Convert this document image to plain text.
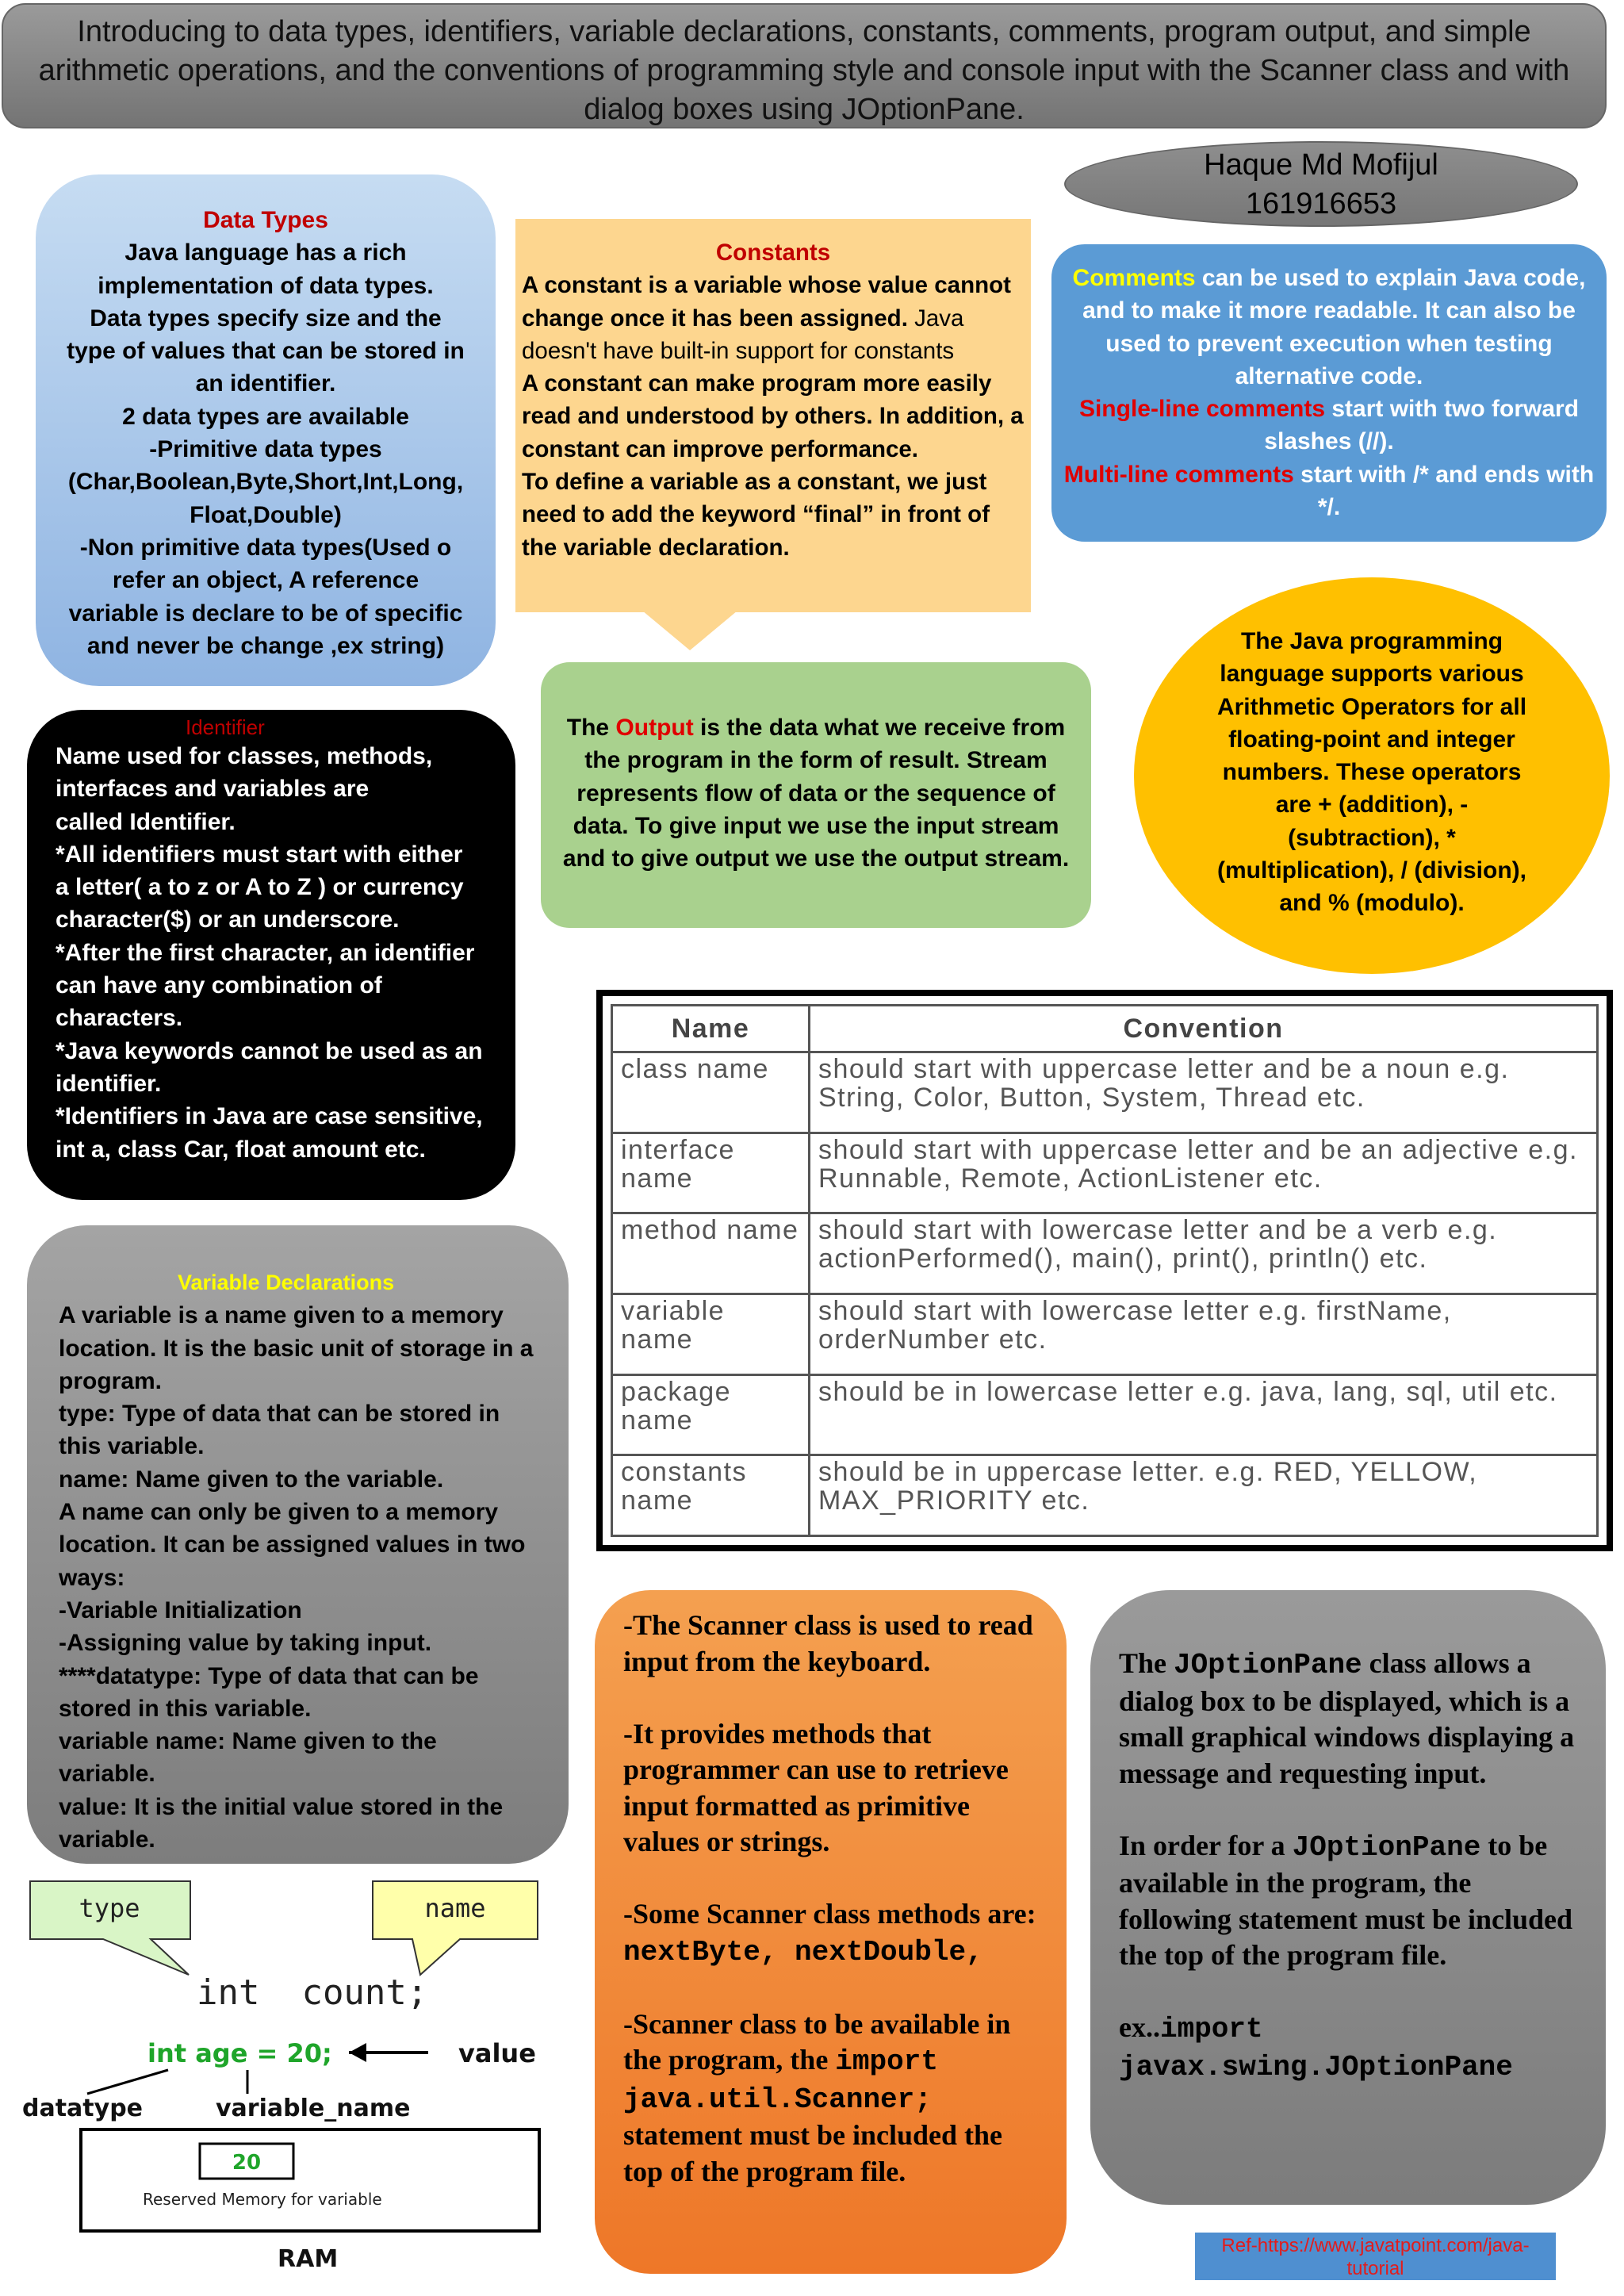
Introducing to data types, identifiers, variable declarations, constants, comments, program output, and simple arithmetic operations, and the conventions of programming style and console input with the Scanner class and with dialog boxes using JOptionPane.
Haque Md Mofijul
161916653
Data Types
Java language has a rich
implementation of data types.
Data types specify size and the
type of values that can be stored in
an identifier.
2 data types are available
-Primitive data types
(Char,Boolean,Byte,Short,Int,Long,
Float,Double)
-Non primitive data types(Used o
refer an object, A reference
variable is declare to be of specific
and never be change ,ex string)
Constants
A constant is a variable whose value cannot change once it has been assigned. Java doesn't have built-in support for constants
A constant can make program more easily read and understood by others. In addition, a constant can improve performance.
To define a variable as a constant, we just need to add the keyword “final” in front of the variable declaration.
Comments can be used to explain Java code, and to make it more readable. It can also be used to prevent execution when testing alternative code.
Single-line comments start with two forward slashes (//).
Multi-line comments start with /* and ends with */.
Identifier
Name used for classes, methods,
interfaces and variables are
called Identifier.
*All identifiers must start with either
a letter( a to z or A to Z ) or currency
character($) or an underscore.
*After the first character, an identifier
can have any combination of
characters.
*Java keywords cannot be used as an
identifier.
*Identifiers in Java are case sensitive,
int a, class Car, float amount etc.
The Output is the data what we receive from the program in the form of result. Stream represents flow of data or the sequence of data. To give input we use the input stream and to give output we use the output stream.
The Java programming language supports various Arithmetic Operators for all floating-point and integer numbers. These operators are + (addition), - (subtraction), * (multiplication), / (division), and % (modulo).
Name	Convention
class name	should start with uppercase letter and be a noun e.g. String, Color, Button, System, Thread etc.
interface name	should start with uppercase letter and be an adjective e.g. Runnable, Remote, ActionListener etc.
method name	should start with lowercase letter and be a verb e.g. actionPerformed(), main(), print(), println() etc.
variable name	should start with lowercase letter e.g. firstName, orderNumber etc.
package name	should be in lowercase letter e.g. java, lang, sql, util etc.
constants name	should be in uppercase letter. e.g. RED, YELLOW, MAX_PRIORITY etc.
Variable Declarations
A variable is a name given to a memory
location. It is the basic unit of storage in a
program.
type: Type of data that can be stored in
this variable.
name: Name given to the variable.
A name can only be given to a memory
location. It can be assigned values in two
ways:
-Variable Initialization
-Assigning value by taking input.
****datatype: Type of data that can be
stored in this variable.
variable name: Name given to the
variable.
value: It is the initial value stored in the
variable.
type	name
int  count;
int age = 20;	value
datatype	variable_name
20
Reserved Memory for variable
RAM
-The Scanner class is used to read input from the keyboard.
-It provides methods that programmer can use to retrieve input formatted as primitive values or strings.
-Some Scanner class methods are: nextByte, nextDouble,
-Scanner class to be available in the program, the import java.util.Scanner; statement must be included the top of the program file.
The JOptionPane class allows a dialog box to be displayed, which is a small graphical windows displaying a message and requesting input.
In order for a JOptionPane to be available in the program, the following statement must be included the top of the program file.
ex..import javax.swing.JOptionPane
Ref-https://www.javatpoint.com/java-tutorial
